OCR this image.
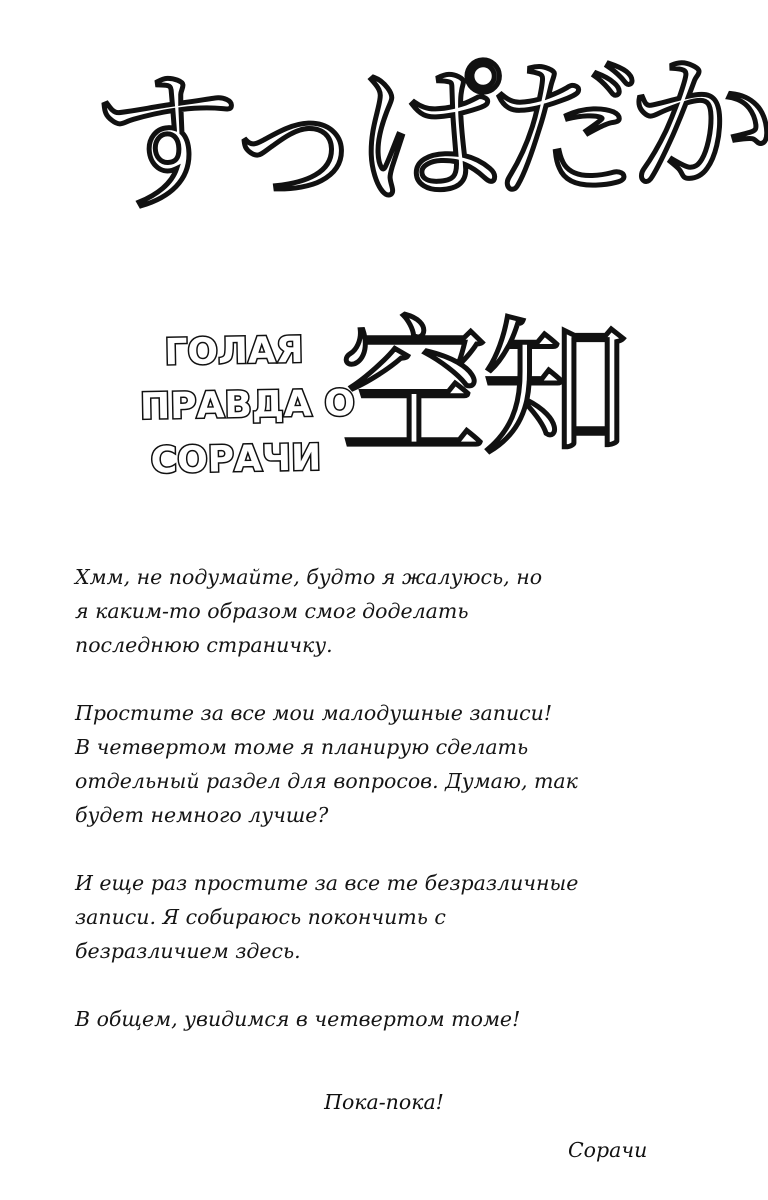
すっぱだか
空知
ГОЛАЯ
ПРАВДА О
СОРАЧИ

Хмм, не подумайте, будто я жалуюсь, но
я каким-то образом смог доделать
последнюю страничку.

Простите за все мои малодушные записи!
В четвертом томе я планирую сделать
отдельный раздел для вопросов. Думаю, так
будет немного лучше?

И еще раз простите за все те безразличные
записи. Я собираюсь покончить с
безразличием здесь.

В общем, увидимся в четвертом томе!

Пока-пока!
Сорачи
